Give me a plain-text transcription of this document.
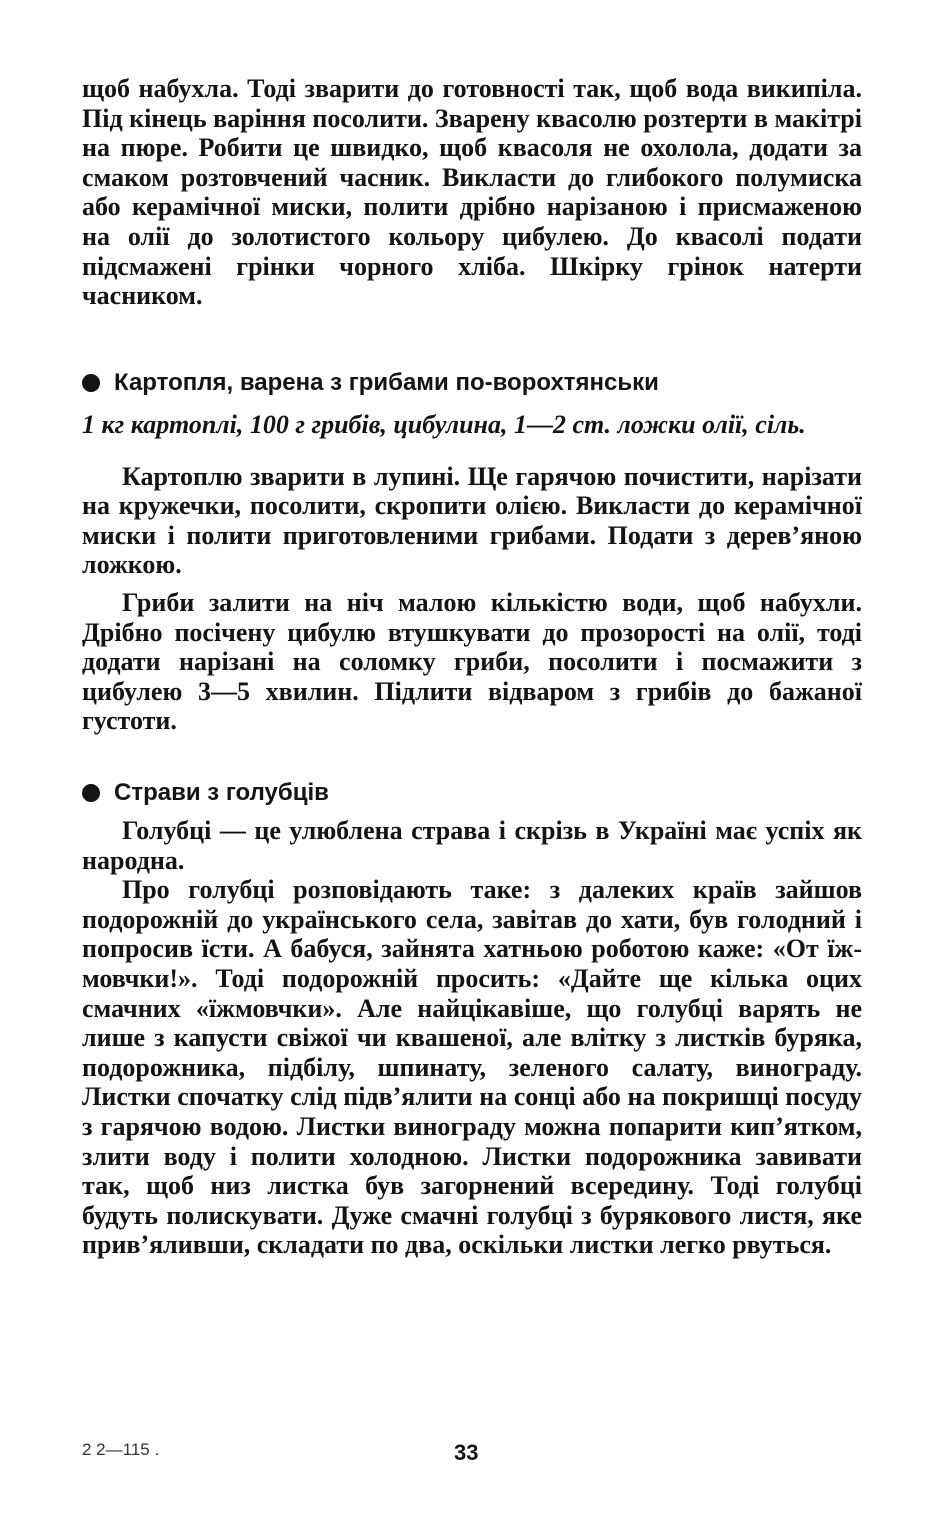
щоб набухла. Тоді зварити до готовності так, щоб вода википіла. Під кінець варіння посолити. Зварену квасолю розтерти в макітрі на пюре. Робити це швидко, щоб квасоля не охолола, додати за смаком розтовчений часник. Викласти до глибокого полумиска або керамічної миски, полити дрібно нарізаною і присмаженою на олії до золотистого кольору цибулею. До квасолі подати підсмажені грінки чорного хліба. Шкірку грінок натерти часником.

Картопля, варена з грибами по-ворохтянськи

1 кг картоплі, 100 г грибів, цибулина, 1—2 ст. ложки олії, сіль.

Картоплю зварити в лупині. Ще гарячою почистити, нарізати на кружечки, посолити, скропити олією. Викласти до керамічної миски і полити приготовленими грибами. Подати з дерев’яною ложкою.

Гриби залити на ніч малою кількістю води, щоб набухли. Дрібно посічену цибулю втушкувати до прозорості на олії, тоді додати нарізані на соломку гриби, посолити і посмажити з цибулею 3—5 хвилин. Підлити відваром з грибів до бажаної густоти.

Страви з голубців

Голубці — це улюблена страва і скрізь в Україні має успіх як народна.

Про голубці розповідають таке: з далеких країв зайшов подорожній до українського села, завітав до хати, був голодний і попросив їсти. А бабуся, зайнята хатньою роботою каже: «От їж-мовчки!». Тоді подорожній просить: «Дайте ще кілька оцих смачних «їжмовчки». Але найцікавіше, що голубці варять не лише з капусти свіжої чи квашеної, але влітку з листків буряка, подорожника, підбілу, шпинату, зеленого салату, винограду. Листки спочатку слід підв’ялити на сонці або на покришці посуду з гарячою водою. Листки винограду можна попарити кип’ятком, злити воду і полити холодною. Листки подорожника завивати так, щоб низ листка був загорнений всередину. Тоді голубці будуть полискувати. Дуже смачні голубці з бурякового листя, яке прив’яливши, складати по два, оскільки листки легко рвуться.

2 2—115 .	33
